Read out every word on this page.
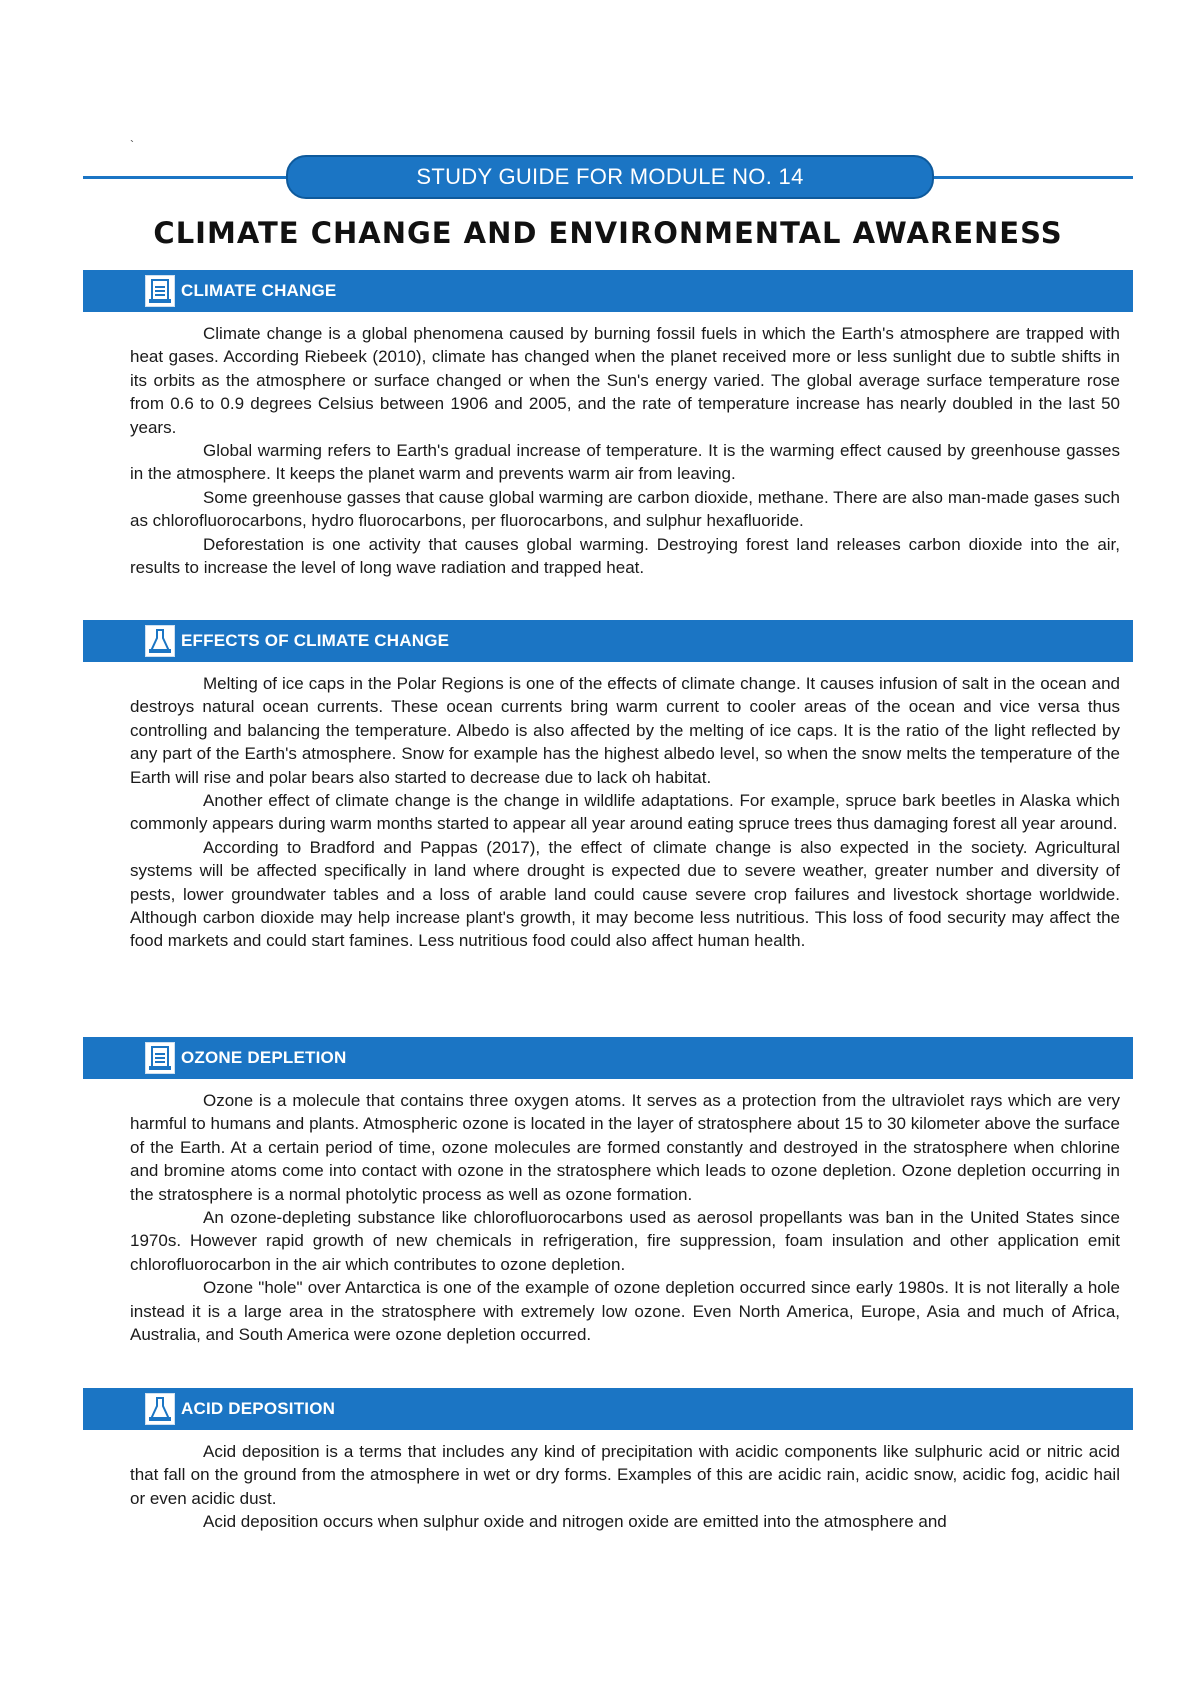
`
STUDY GUIDE FOR MODULE NO. 14
CLIMATE CHANGE AND ENVIRONMENTAL AWARENESS
CLIMATE CHANGE

Climate change is a global phenomena caused by burning fossil fuels in which the Earth's atmosphere are trapped with heat gases. According Riebeek (2010), climate has changed when the planet received more or less sunlight due to subtle shifts in its orbits as the atmosphere or surface changed or when the Sun's energy varied. The global average surface temperature rose from 0.6 to 0.9 degrees Celsius between 1906 and 2005, and the rate of temperature increase has nearly doubled in the last 50 years.

Global warming refers to Earth's gradual increase of temperature. It is the warming effect caused by greenhouse gasses in the atmosphere. It keeps the planet warm and prevents warm air from leaving.

Some greenhouse gasses that cause global warming are carbon dioxide, methane. There are also man-made gases such as chlorofluorocarbons, hydro fluorocarbons, per fluorocarbons, and sulphur hexafluoride.

Deforestation is one activity that causes global warming. Destroying forest land releases carbon dioxide into the air, results to increase the level of long wave radiation and trapped heat.

EFFECTS OF CLIMATE CHANGE

Melting of ice caps in the Polar Regions is one of the effects of climate change. It causes infusion of salt in the ocean and destroys natural ocean currents. These ocean currents bring warm current to cooler areas of the ocean and vice versa thus controlling and balancing the temperature. Albedo is also affected by the melting of ice caps. It is the ratio of the light reflected by any part of the Earth's atmosphere. Snow for example has the highest albedo level, so when the snow melts the temperature of the Earth will rise and polar bears also started to decrease due to lack oh habitat.

Another effect of climate change is the change in wildlife adaptations. For example, spruce bark beetles in Alaska which commonly appears during warm months started to appear all year around eating spruce trees thus damaging forest all year around.

According to Bradford and Pappas (2017), the effect of climate change is also expected in the society. Agricultural systems will be affected specifically in land where drought is expected due to severe weather, greater number and diversity of pests, lower groundwater tables and a loss of arable land could cause severe crop failures and livestock shortage worldwide. Although carbon dioxide may help increase plant's growth, it may become less nutritious. This loss of food security may affect the food markets and could start famines. Less nutritious food could also affect human health.

OZONE DEPLETION

Ozone is a molecule that contains three oxygen atoms. It serves as a protection from the ultraviolet rays which are very harmful to humans and plants. Atmospheric ozone is located in the layer of stratosphere about 15 to 30 kilometer above the surface of the Earth. At a certain period of time, ozone molecules are formed constantly and destroyed in the stratosphere when chlorine and bromine atoms come into contact with ozone in the stratosphere which leads to ozone depletion. Ozone depletion occurring in the stratosphere is a normal photolytic process as well as ozone formation.

An ozone-depleting substance like chlorofluorocarbons used as aerosol propellants was ban in the United States since 1970s. However rapid growth of new chemicals in refrigeration, fire suppression, foam insulation and other application emit chlorofluorocarbon in the air which contributes to ozone depletion.

Ozone "hole" over Antarctica is one of the example of ozone depletion occurred since early 1980s. It is not literally a hole instead it is a large area in the stratosphere with extremely low ozone. Even North America, Europe, Asia and much of Africa, Australia, and South America were ozone depletion occurred.

ACID DEPOSITION

Acid deposition is a terms that includes any kind of precipitation with acidic components like sulphuric acid or nitric acid that fall on the ground from the atmosphere in wet or dry forms. Examples of this are acidic rain, acidic snow, acidic fog, acidic hail or even acidic dust.

Acid deposition occurs when sulphur oxide and nitrogen oxide are emitted into the atmosphere and
